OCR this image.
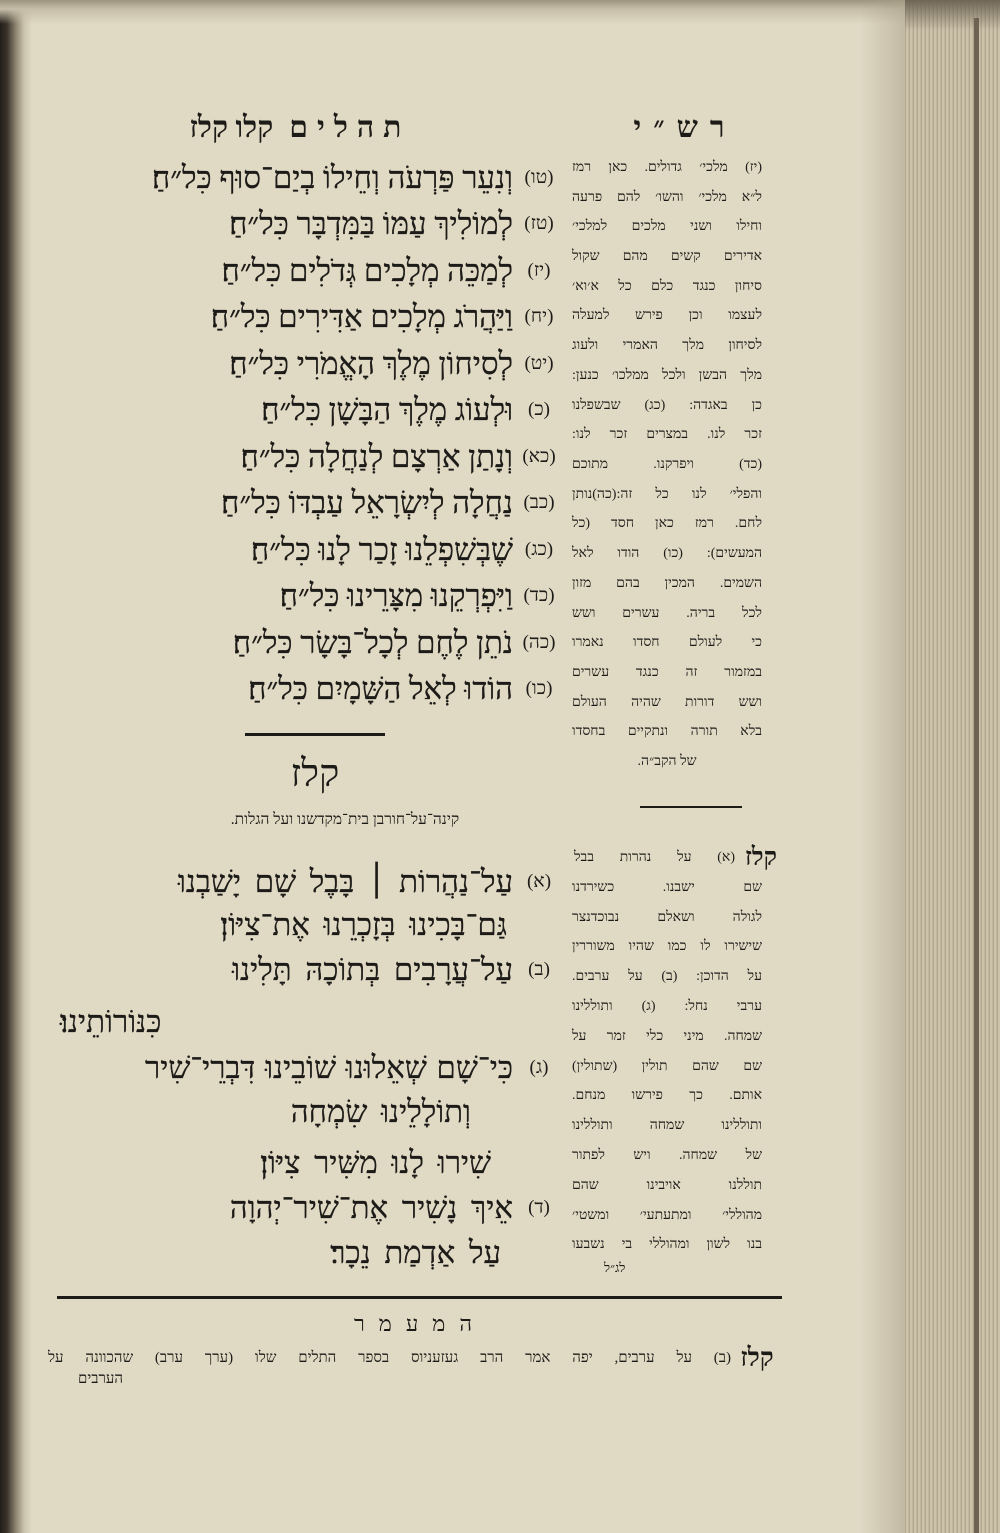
תהליםקלו קלז	רש״י
(טו)
וְנִעֵר פַּרְעֹה וְחֵילוֹ בְיַם־סוּף כִּל״חַ׃
(טז)
לְמוֹלִיךְ עַמּוֹ בַּמִּדְבָּר כִּל״חַ׃
(יז)
לְמַכֵּה מְלָכִים גְּדֹלִים כִּל״חַ׃
(יח)
וַיַּהֲרֹג מְלָכִים אַדִּירִים כִּל״חַ׃
(יט)
לְסִיחוֹן מֶלֶךְ הָאֱמֹרִי כִּל״חַ׃
(כ)
וּלְעוֹג מֶלֶךְ הַבָּשָׁן כִּל״חַ׃
(כא)
וְנָתַן אַרְצָם לְנַחֲלָה כִּל״חַ׃
(כב)
נַחֲלָה לְיִשְׂרָאֵל עַבְדּוֹ כִּל״חַ׃
(כג)
שֶׁבְּשִׁפְלֵנוּ זָכַר לָנוּ כִּל״חַ׃
(כד)
וַיִּפְרְקֵנוּ מִצָּרֵינוּ כִּל״חַ׃
(כה)
נֹתֵן לֶחֶם לְכָל־בָּשָׂר כִּל״חַ׃
(כו)
הוֹדוּ לְאֵל הַשָּׁמָיִם כִּל״חַ׃
(יז) מלכי׳ גדולים. כאן רמז
ל״א מלכי׳ והשו׳ להם פרעה
וחילו ושני מלכים למלכי׳
אדירים קשים מהם שקול
סיחון כנגד כלם כל א׳וא׳
לעצמו וכן פירש למעלה
לסיחון מלך האמרי ולעוג
מלך הבשן ולכל ממלכו׳ כנען:
כן באגדה: (כג) שבשפלנו
זכר לנו. במצרים זכר לנו:
(כד) ויפרקנו. מתוכם
והפלי׳ לנו כל זה:(כה)נותן
לחם. רמז כאן חסד (כל
המעשים): (כו) הודו לאל
השמים. המכין בהם מזון
לכל בריה. עשרים ושש
כי לעולם חסדו נאמרו
במזמור זה כנגד עשרים
ושש דורות שהיה העולם
בלא תורה ונתקיים בחסדו
של הקב״ה.
קלז
קינה־על־חורבן בית־מקדשנו ועל הגלות.
(א)
עַל־נַהֲרוֹת ׀ בָּבֶל שָׁם יָשַׁבְנוּ
גַּם־בָּכִינוּ בְּזָכְרֵנוּ אֶת־צִיּוֹן׃
(ב)
עַל־עֲרָבִים בְּתוֹכָהּ תָּלִינוּ
כִּנּוֹרוֹתֵינוּ׃
(ג)
כִּי־שָׁם שְׁאֵלוּנוּ שׁוֹבֵינוּ דִּבְרֵי־שִׁיר
וְתוֹלָלֵינוּ שִׂמְחָה
שִׁירוּ לָנוּ מִשִּׁיר צִיּוֹן׃
(ד)
אֵיךְ נָשִׁיר אֶת־שִׁיר־יְהוָה
עַל אַדְמַת נֵכָר׃
קלז
(א) על נהרות בבל
שם ישבנו. כשירדנו
לגולה ושאלם נבוכדנצר
שישירו לו כמו שהיו משוררין
על הדוכן: (ב) על ערבים.
ערבי נחל: (ג) ותוללינו
שמחה. מיני כלי זמר על
שם שהם תולין (שתולין)
אותם. כך פירשו מנחם.
ותוללינו שמחה ותוללינו
של שמחה. ויש לפתור
תוללנו אויבינו שהם
מהוללי׳ ומתעתעי׳ ומשטי׳
בנו לשון ומהוללי בי נשבעו
לג״ל
המעמר
קלז
(ב) על ערבים, יפה אמר הרב געזעניוס בספר התלים שלו (ערך ערב) שהכוונה על
הערבים
